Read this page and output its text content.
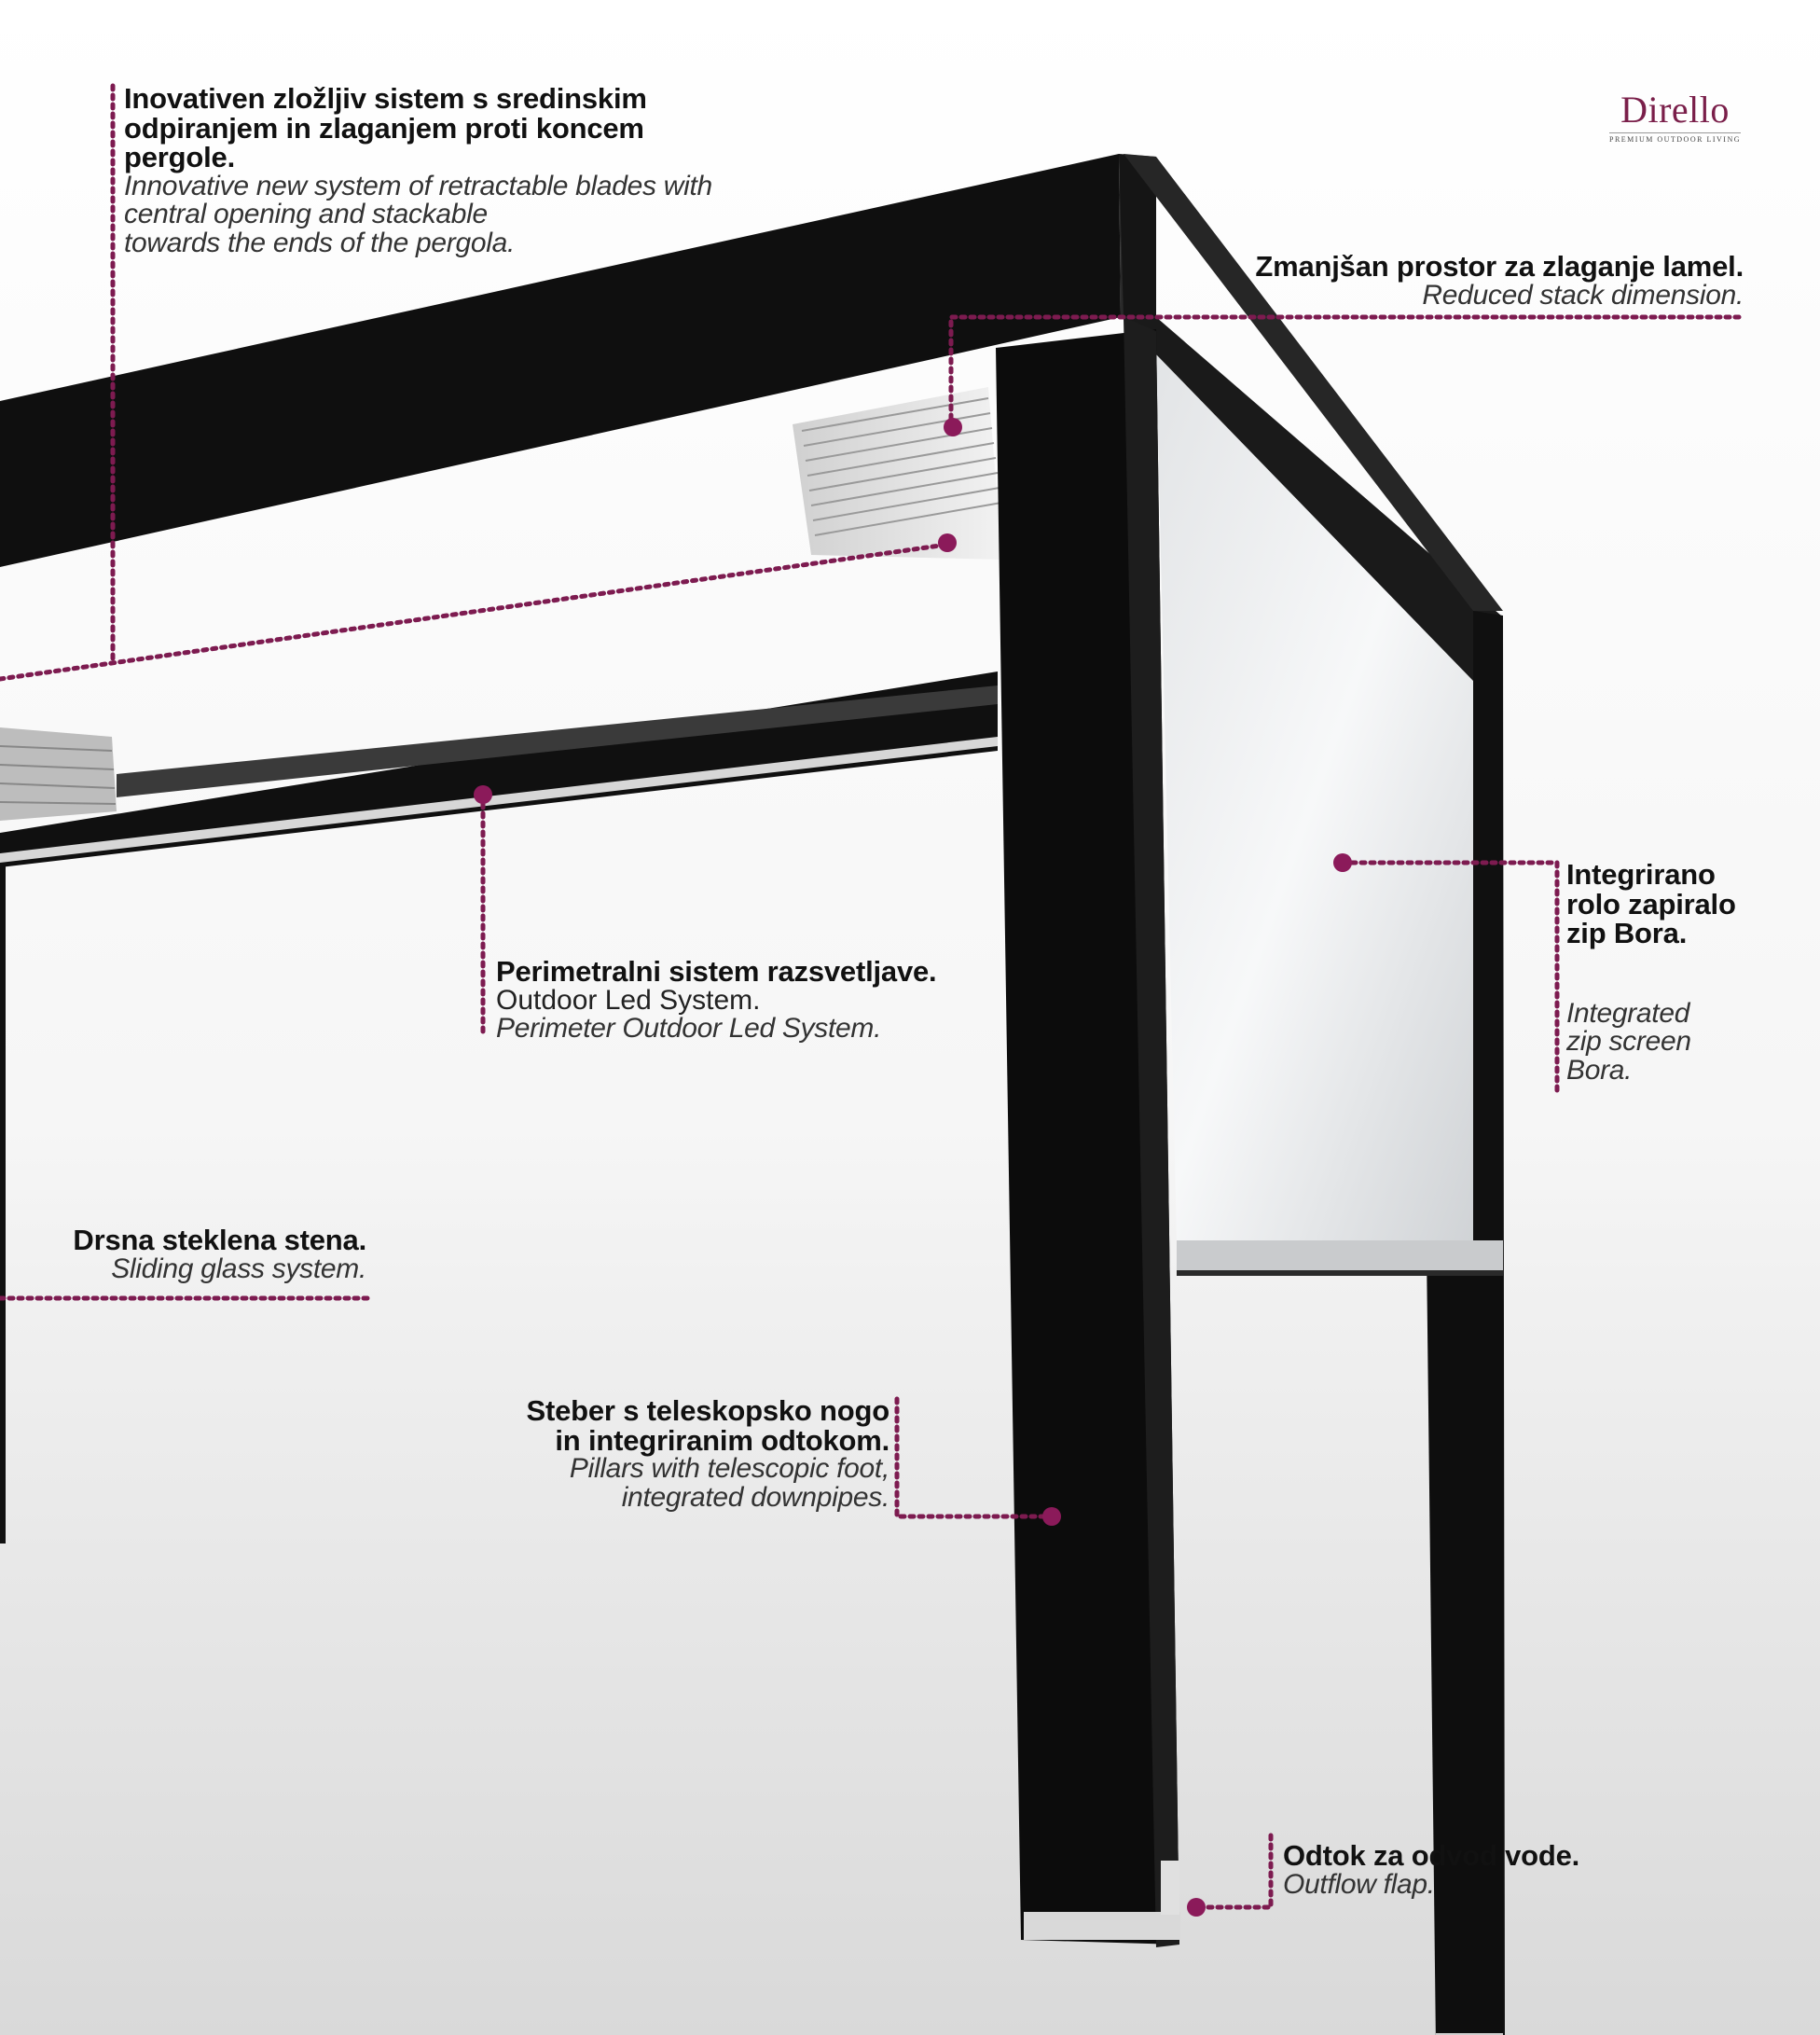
Dirello
PREMIUM OUTDOOR LIVING
Inovativen zložljiv sistem s sredinskim
odpiranjem in zlaganjem proti koncem
pergole.
Innovative new system of retractable blades with
central opening and stackable
towards the ends of the pergola.
Zmanjšan prostor za zlaganje lamel.
Reduced stack dimension.
Integrirano
rolo zapiralo
zip Bora.
Integrated
zip screen
Bora.
Perimetralni sistem razsvetljave.
Outdoor Led System.
Perimeter Outdoor Led System.
Drsna steklena stena.
Sliding glass system.
Steber s teleskopsko nogo
in integriranim odtokom.
Pillars with telescopic foot,
integrated downpipes.
Odtok za odvod vode.
Outflow flap.
